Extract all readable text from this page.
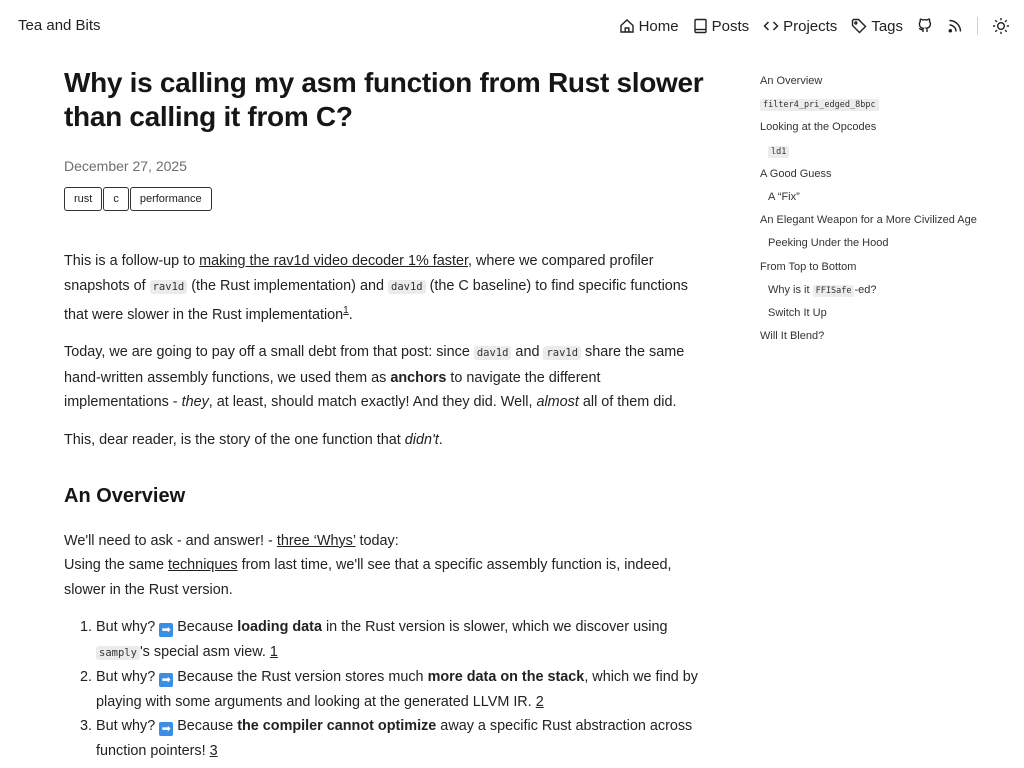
Tea and Bits	Home Posts Projects Tags
Why is calling my asm function from Rust slower than calling it from C?
December 27, 2025
rust	c	performance

This is a follow-up to making the rav1d video decoder 1% faster, where we compared profiler snapshots of rav1d (the Rust implementation) and dav1d (the C baseline) to find specific functions that were slower in the Rust implementation$^1$.

Today, we are going to pay off a small debt from that post: since dav1d and rav1d share the same hand-written assembly functions, we used them as anchors to navigate the different implementations - they, at least, should match exactly! And they did. Well, almost all of them did.

This, dear reader, is the story of the one function that didn't.

An Overview

We'll need to ask - and answer! - three ‘Whys’ today:
Using the same techniques from last time, we'll see that a specific assembly function is, indeed, slower in the Rust version.

1. But why? ➡ Because loading data in the Rust version is slower, which we discover using samply 's special asm view. 1
2. But why? ➡ Because the Rust version stores much more data on the stack, which we find by playing with some arguments and looking at the generated LLVM IR. 2
3. But why? ➡ Because the compiler cannot optimize away a specific Rust abstraction across function pointers! 3
An Overview
filter4_pri_edged_8bpc
Looking at the Opcodes
ld1
A Good Guess
A “Fix”
An Elegant Weapon for a More Civilized Age
Peeking Under the Hood
From Top to Bottom
Why is it FFISafe -ed?
Switch It Up
Will It Blend?
